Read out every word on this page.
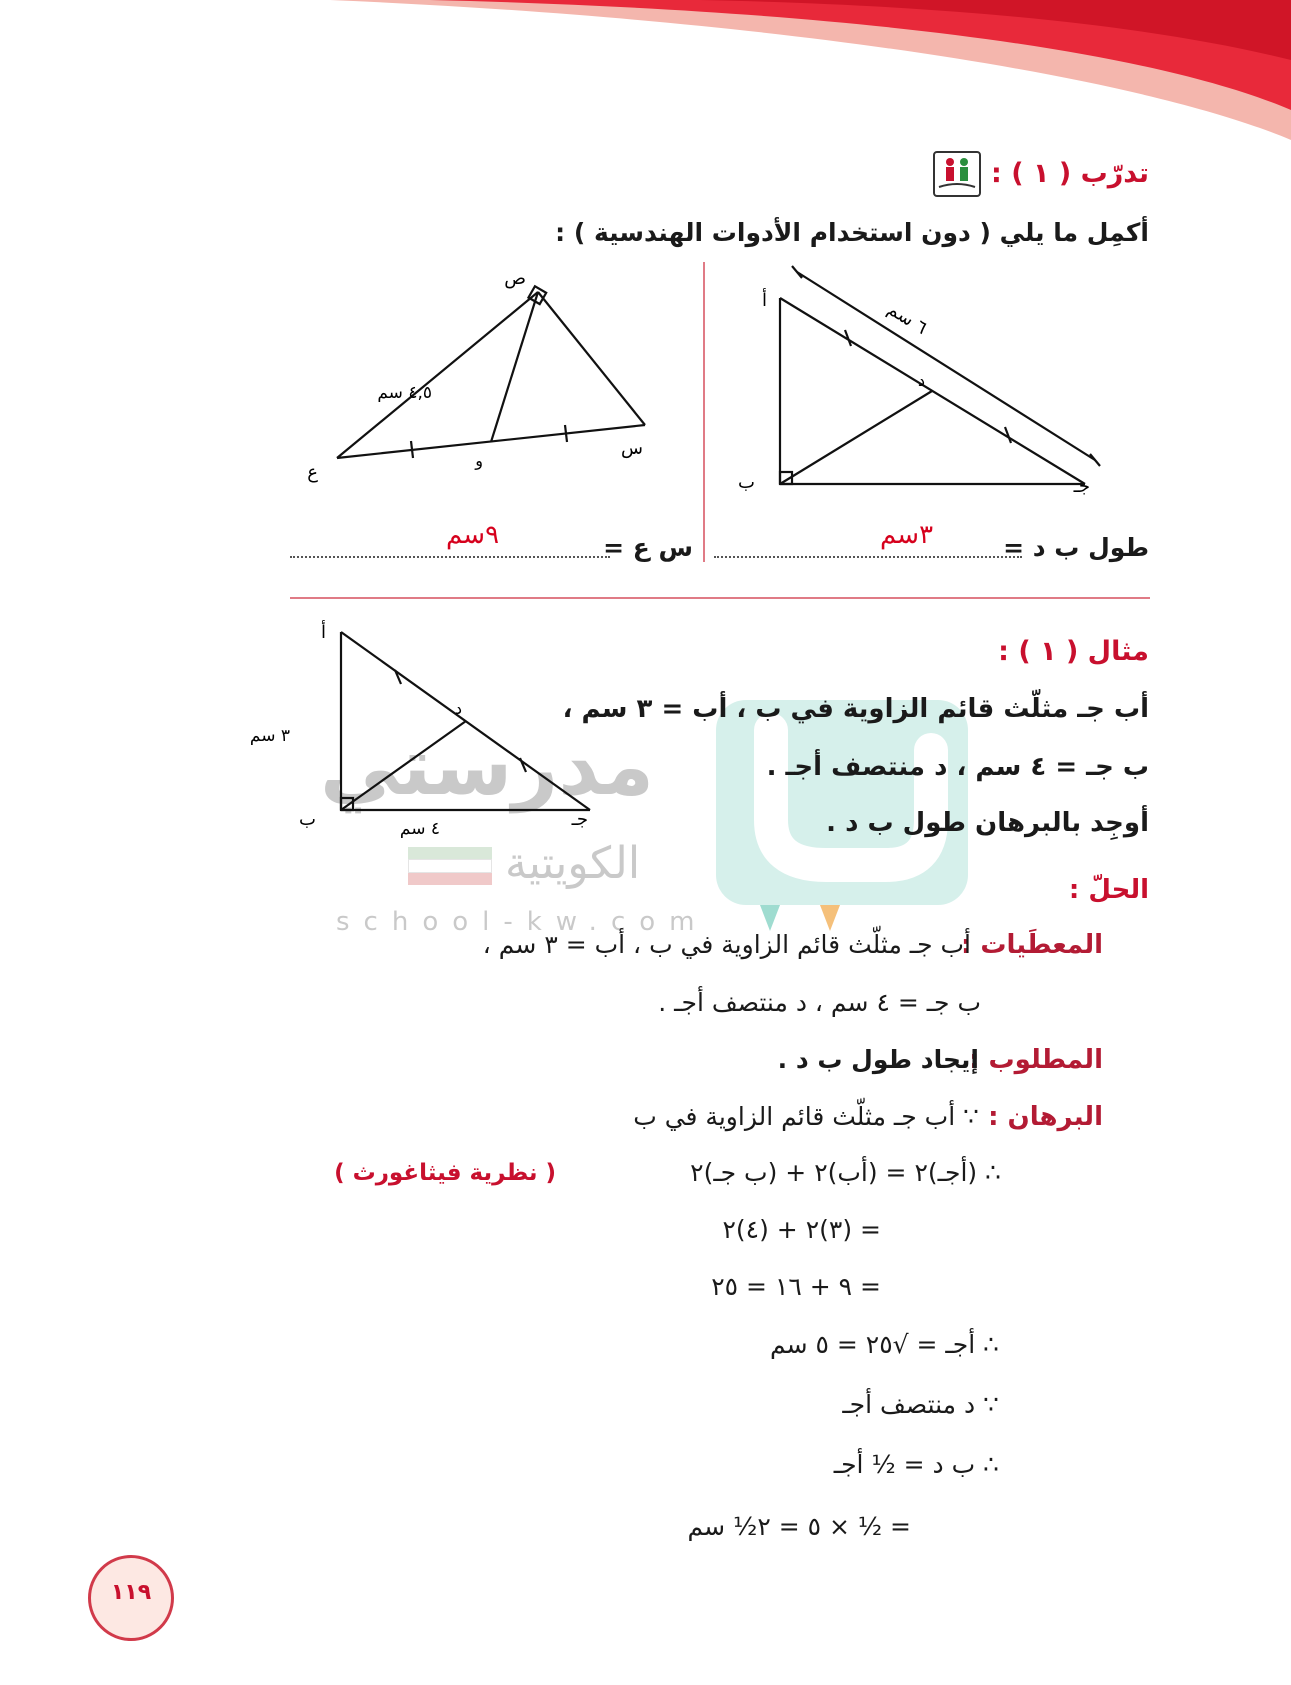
تدرّب ( ١ ) :
أكمِل ما يلي ( دون استخدام الأدوات الهندسية ) :
أ
ب	جـ
د
٦ سم
ص
س
ع
و
٤,٥ سم
طول ب د =
٣سم
س ع =
٩سم
مدرستي
الكويتية
school-kw.com
أ
ب	جـ
د
٣ سم
٤ سم
مثال ( ١ ) :
أب جـ مثلّث قائم الزاوية في ب ، أب = ٣ سم ،
ب جـ = ٤ سم ، د منتصف أجـ .
أوجِد بالبرهان طول ب د .
الحلّ :
المعطَيات :
أب جـ مثلّث قائم الزاوية في ب ، أب = ٣ سم ،
ب جـ = ٤ سم ، د منتصف أجـ .
المطلوب :
إيجاد طول ب د .
البرهان :
∵ أب جـ مثلّث قائم الزاوية في ب
∴ (أجـ)٢ = (أب)٢ + (ب جـ)٢
( نظرية فيثاغورث )
= (٣)٢ + (٤)٢
= ٩ + ١٦ = ٢٥
∴ أجـ = √٢٥ = ٥ سم
∵ د منتصف أجـ
∴ ب د = ½ أجـ
= ½ × ٥ = ٢½ سم
١١٩
